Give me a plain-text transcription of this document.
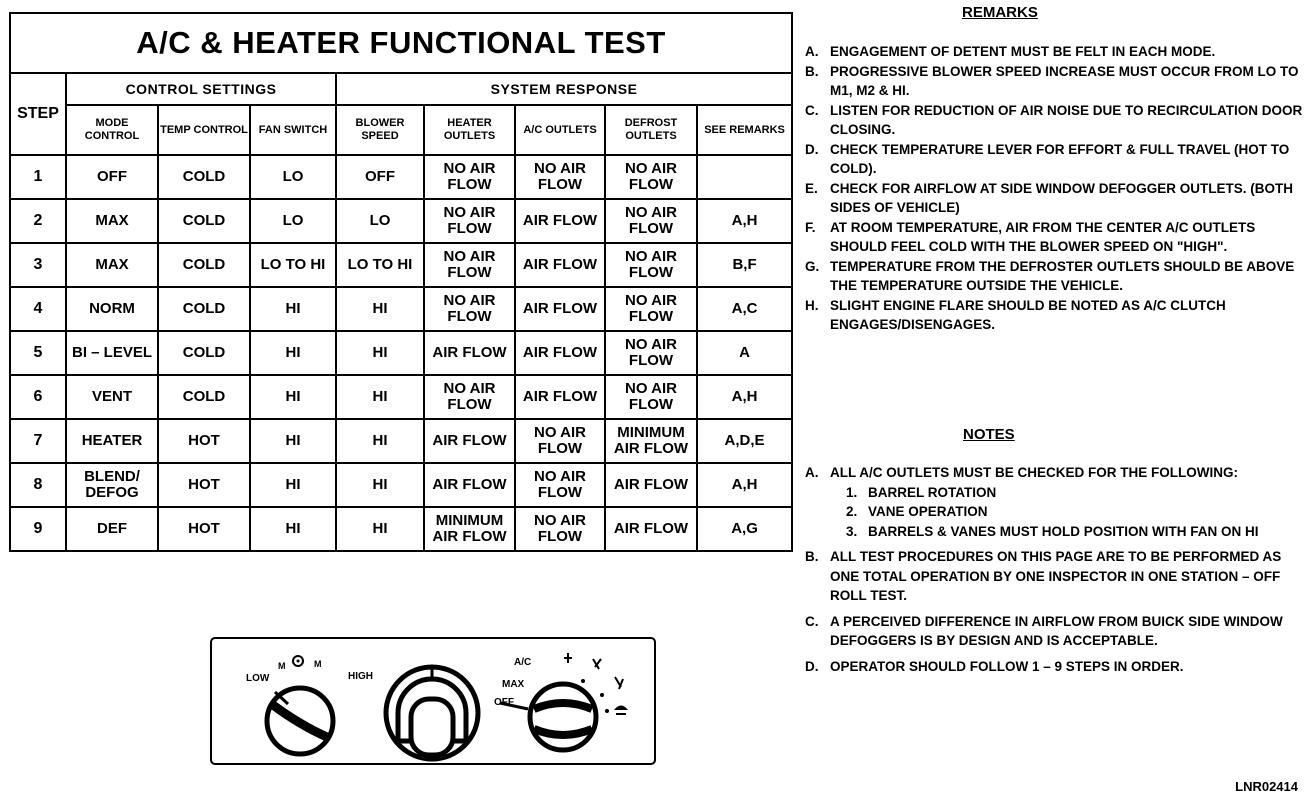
A/C & HEATER FUNCTIONAL TEST								
STEP	CONTROL SETTINGS			SYSTEM RESPONSE				
	MODE CONTROL	TEMP CONTROL	FAN SWITCH	BLOWER SPEED	HEATER OUTLETS	A/C OUTLETS	DEFROST OUTLETS	SEE REMARKS
1	OFF	COLD	LO	OFF	NO AIR FLOW	NO AIR FLOW	NO AIR FLOW	
2	MAX	COLD	LO	LO	NO AIR FLOW	AIR FLOW	NO AIR FLOW	A,H
3	MAX	COLD	LO TO HI	LO TO HI	NO AIR FLOW	AIR FLOW	NO AIR FLOW	B,F
4	NORM	COLD	HI	HI	NO AIR FLOW	AIR FLOW	NO AIR FLOW	A,C
5	BI – LEVEL	COLD	HI	HI	AIR FLOW	AIR FLOW	NO AIR FLOW	A
6	VENT	COLD	HI	HI	NO AIR FLOW	AIR FLOW	NO AIR FLOW	A,H
7	HEATER	HOT	HI	HI	AIR FLOW	NO AIR FLOW	MINIMUM AIR FLOW	A,D,E
8	BLEND/ DEFOG	HOT	HI	HI	AIR FLOW	NO AIR FLOW	AIR FLOW	A,H
9	DEF	HOT	HI	HI	MINIMUM AIR FLOW	NO AIR FLOW	AIR FLOW	A,G
REMARKS
A. ENGAGEMENT OF DETENT MUST BE FELT IN EACH MODE.
B. PROGRESSIVE BLOWER SPEED INCREASE MUST OCCUR FROM LO TO M1, M2 & HI.
C. LISTEN FOR REDUCTION OF AIR NOISE DUE TO RECIRCULATION DOOR CLOSING.
D. CHECK TEMPERATURE LEVER FOR EFFORT & FULL TRAVEL (HOT TO COLD).
E. CHECK FOR AIRFLOW AT SIDE WINDOW DEFOGGER OUTLETS. (BOTH SIDES OF VEHICLE)
F. AT ROOM TEMPERATURE, AIR FROM THE CENTER A/C OUTLETS SHOULD FEEL COLD WITH THE BLOWER SPEED ON "HIGH".
G. TEMPERATURE FROM THE DEFROSTER OUTLETS SHOULD BE ABOVE THE TEMPERATURE OUTSIDE THE VEHICLE.
H. SLIGHT ENGINE FLARE SHOULD BE NOTED AS A/C CLUTCH ENGAGES/DISENGAGES.
NOTES
A. ALL A/C OUTLETS MUST BE CHECKED FOR THE FOLLOWING:
1. BARREL ROTATION
2. VANE OPERATION
3. BARRELS & VANES MUST HOLD POSITION WITH FAN ON HI
B. ALL TEST PROCEDURES ON THIS PAGE ARE TO BE PERFORMED AS ONE TOTAL OPERATION BY ONE INSPECTOR IN ONE STATION – OFF ROLL TEST.
C. A PERCEIVED DIFFERENCE IN AIRFLOW FROM BUICK SIDE WINDOW DEFOGGERS IS BY DESIGN AND IS ACCEPTABLE.
D. OPERATOR SHOULD FOLLOW 1 – 9 STEPS IN ORDER.
LOW
M	M
HIGH
A/C
MAX
OFF
LNR02414
